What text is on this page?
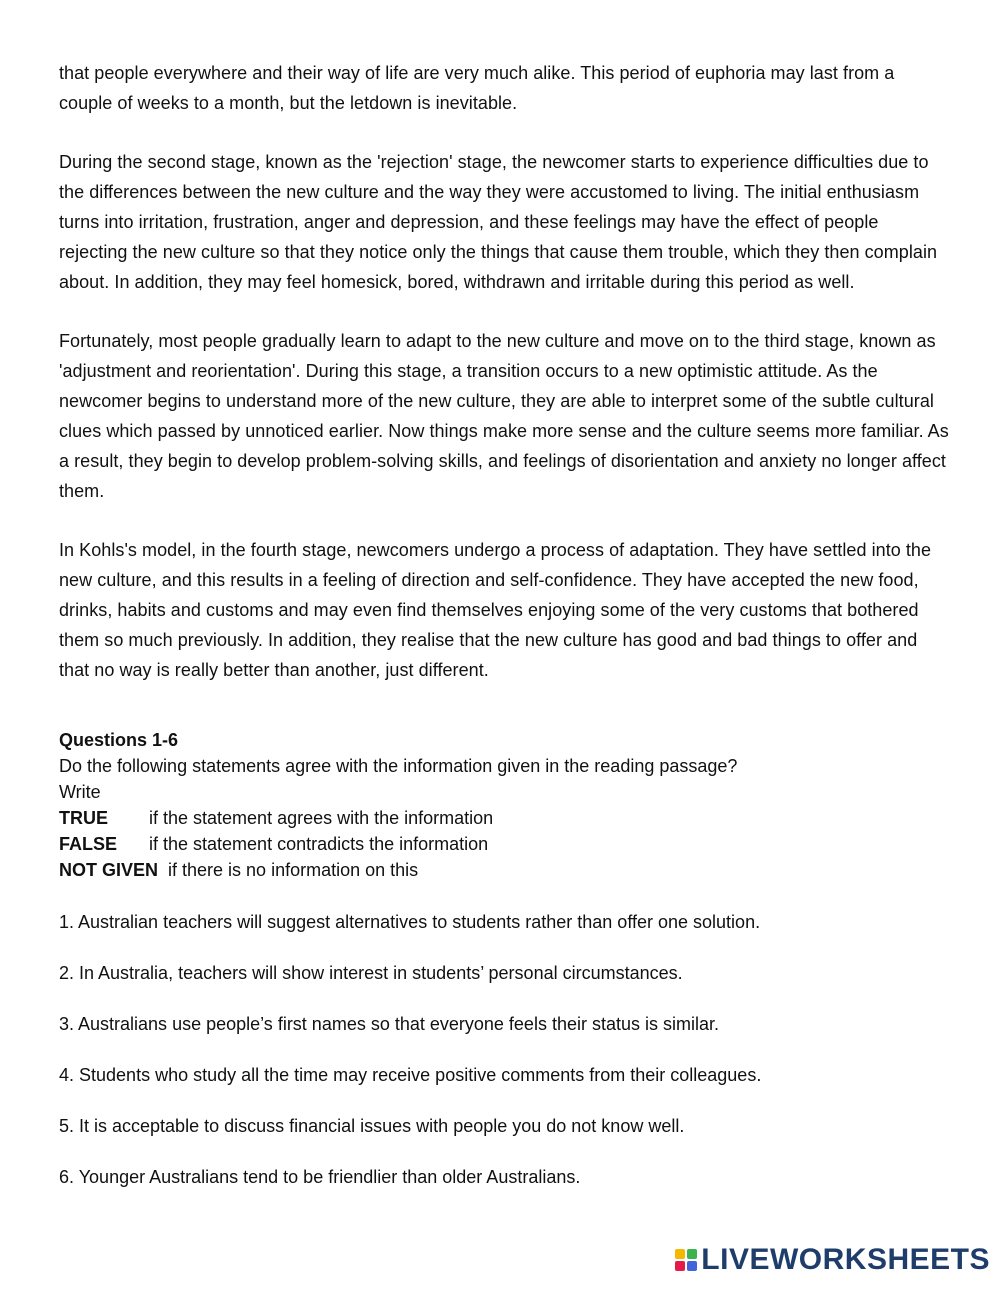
that people everywhere and their way of life are very much alike. This period of euphoria may last from a couple of weeks to a month, but the letdown is inevitable.

During the second stage, known as the 'rejection' stage, the newcomer starts to experience difficulties due to the differences between the new culture and the way they were accustomed to living. The initial enthusiasm turns into irritation, frustration, anger and depression, and these feelings may have the effect of people rejecting the new culture so that they notice only the things that cause them trouble, which they then complain about. In addition, they may feel homesick, bored, withdrawn and irritable during this period as well.

Fortunately, most people gradually learn to adapt to the new culture and move on to the third stage, known as 'adjustment and reorientation'. During this stage, a transition occurs to a new optimistic attitude. As the newcomer begins to understand more of the new culture, they are able to interpret some of the subtle cultural clues which passed by unnoticed earlier. Now things make more sense and the culture seems more familiar. As a result, they begin to develop problem-solving skills, and feelings of disorientation and anxiety no longer affect them.

In Kohls's model, in the fourth stage, newcomers undergo a process of adaptation. They have settled into the new culture, and this results in a feeling of direction and self-confidence. They have accepted the new food, drinks, habits and customs and may even find themselves enjoying some of the very customs that bothered them so much previously. In addition, they realise that the new culture has good and bad things to offer and that no way is really better than another, just different.

Questions 1-6
Do the following statements agree with the information given in the reading passage?
Write
TRUE	if the statement agrees with the information
FALSE	if the statement contradicts the information
NOT GIVEN if there is no information on this
1. Australian teachers will suggest alternatives to students rather than offer one solution.
2. In Australia, teachers will show interest in students’ personal circumstances.
3. Australians use people’s first names so that everyone feels their status is similar.
4. Students who study all the time may receive positive comments from their colleagues.
5. It is acceptable to discuss financial issues with people you do not know well.
6. Younger Australians tend to be friendlier than older Australians.
LIVEWORKSHEETS
